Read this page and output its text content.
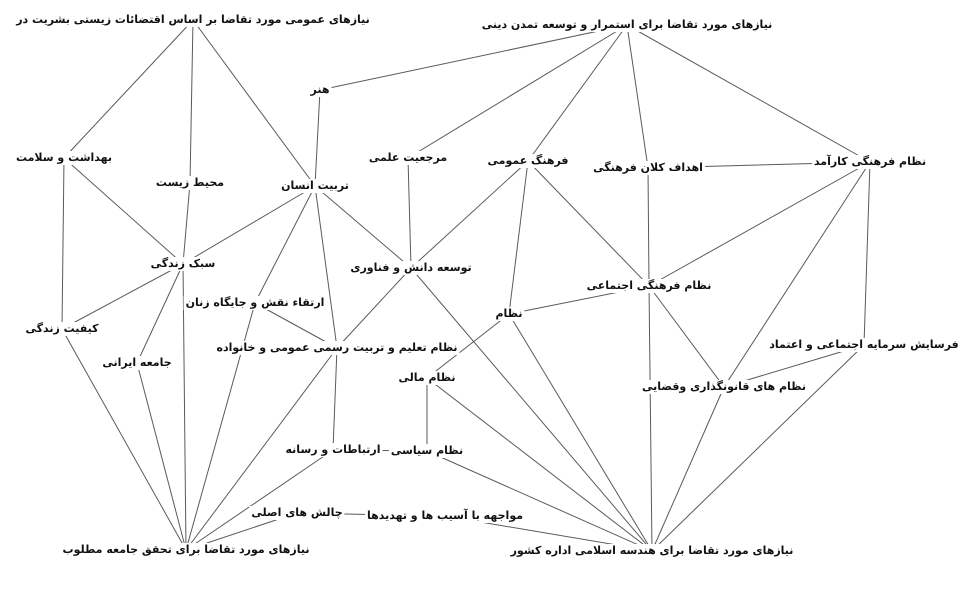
نیازهای عمومی مورد تقاضا بر اساس اقتضائات زیستی بشریت در	نیازهای مورد تقاضا برای استمرار و توسعه تمدن دینی
هنر
بهداشت و سلامت
محیط زیست	تربیت انسان
مرجعیت علمی	فرهنگ عمومی
اهداف کلان فرهنگی	نظام فرهنگی کارآمد
سبک زندگی	توسعه دانش و فناوری
نظام فرهنگی اجتماعی
ارتقاء نقش و جایگاه زنان
کیفیت زندگی
نظام
فرسایش سرمایه اجتماعی و اعتماد
نظام تعلیم و تربیت رسمی عمومی و خانواده
جامعه ایرانی
نظام مالی
نظام های قانونگذاری وقضایی
ارتباطات و رسانه نظام سیاسی
چالش های اصلی مواجهه با آسیب ها و تهدیدها
نیازهای مورد تقاضا برای تحقق جامعه مطلوب	نیازهای مورد تقاضا برای هندسه اسلامی اداره کشور
